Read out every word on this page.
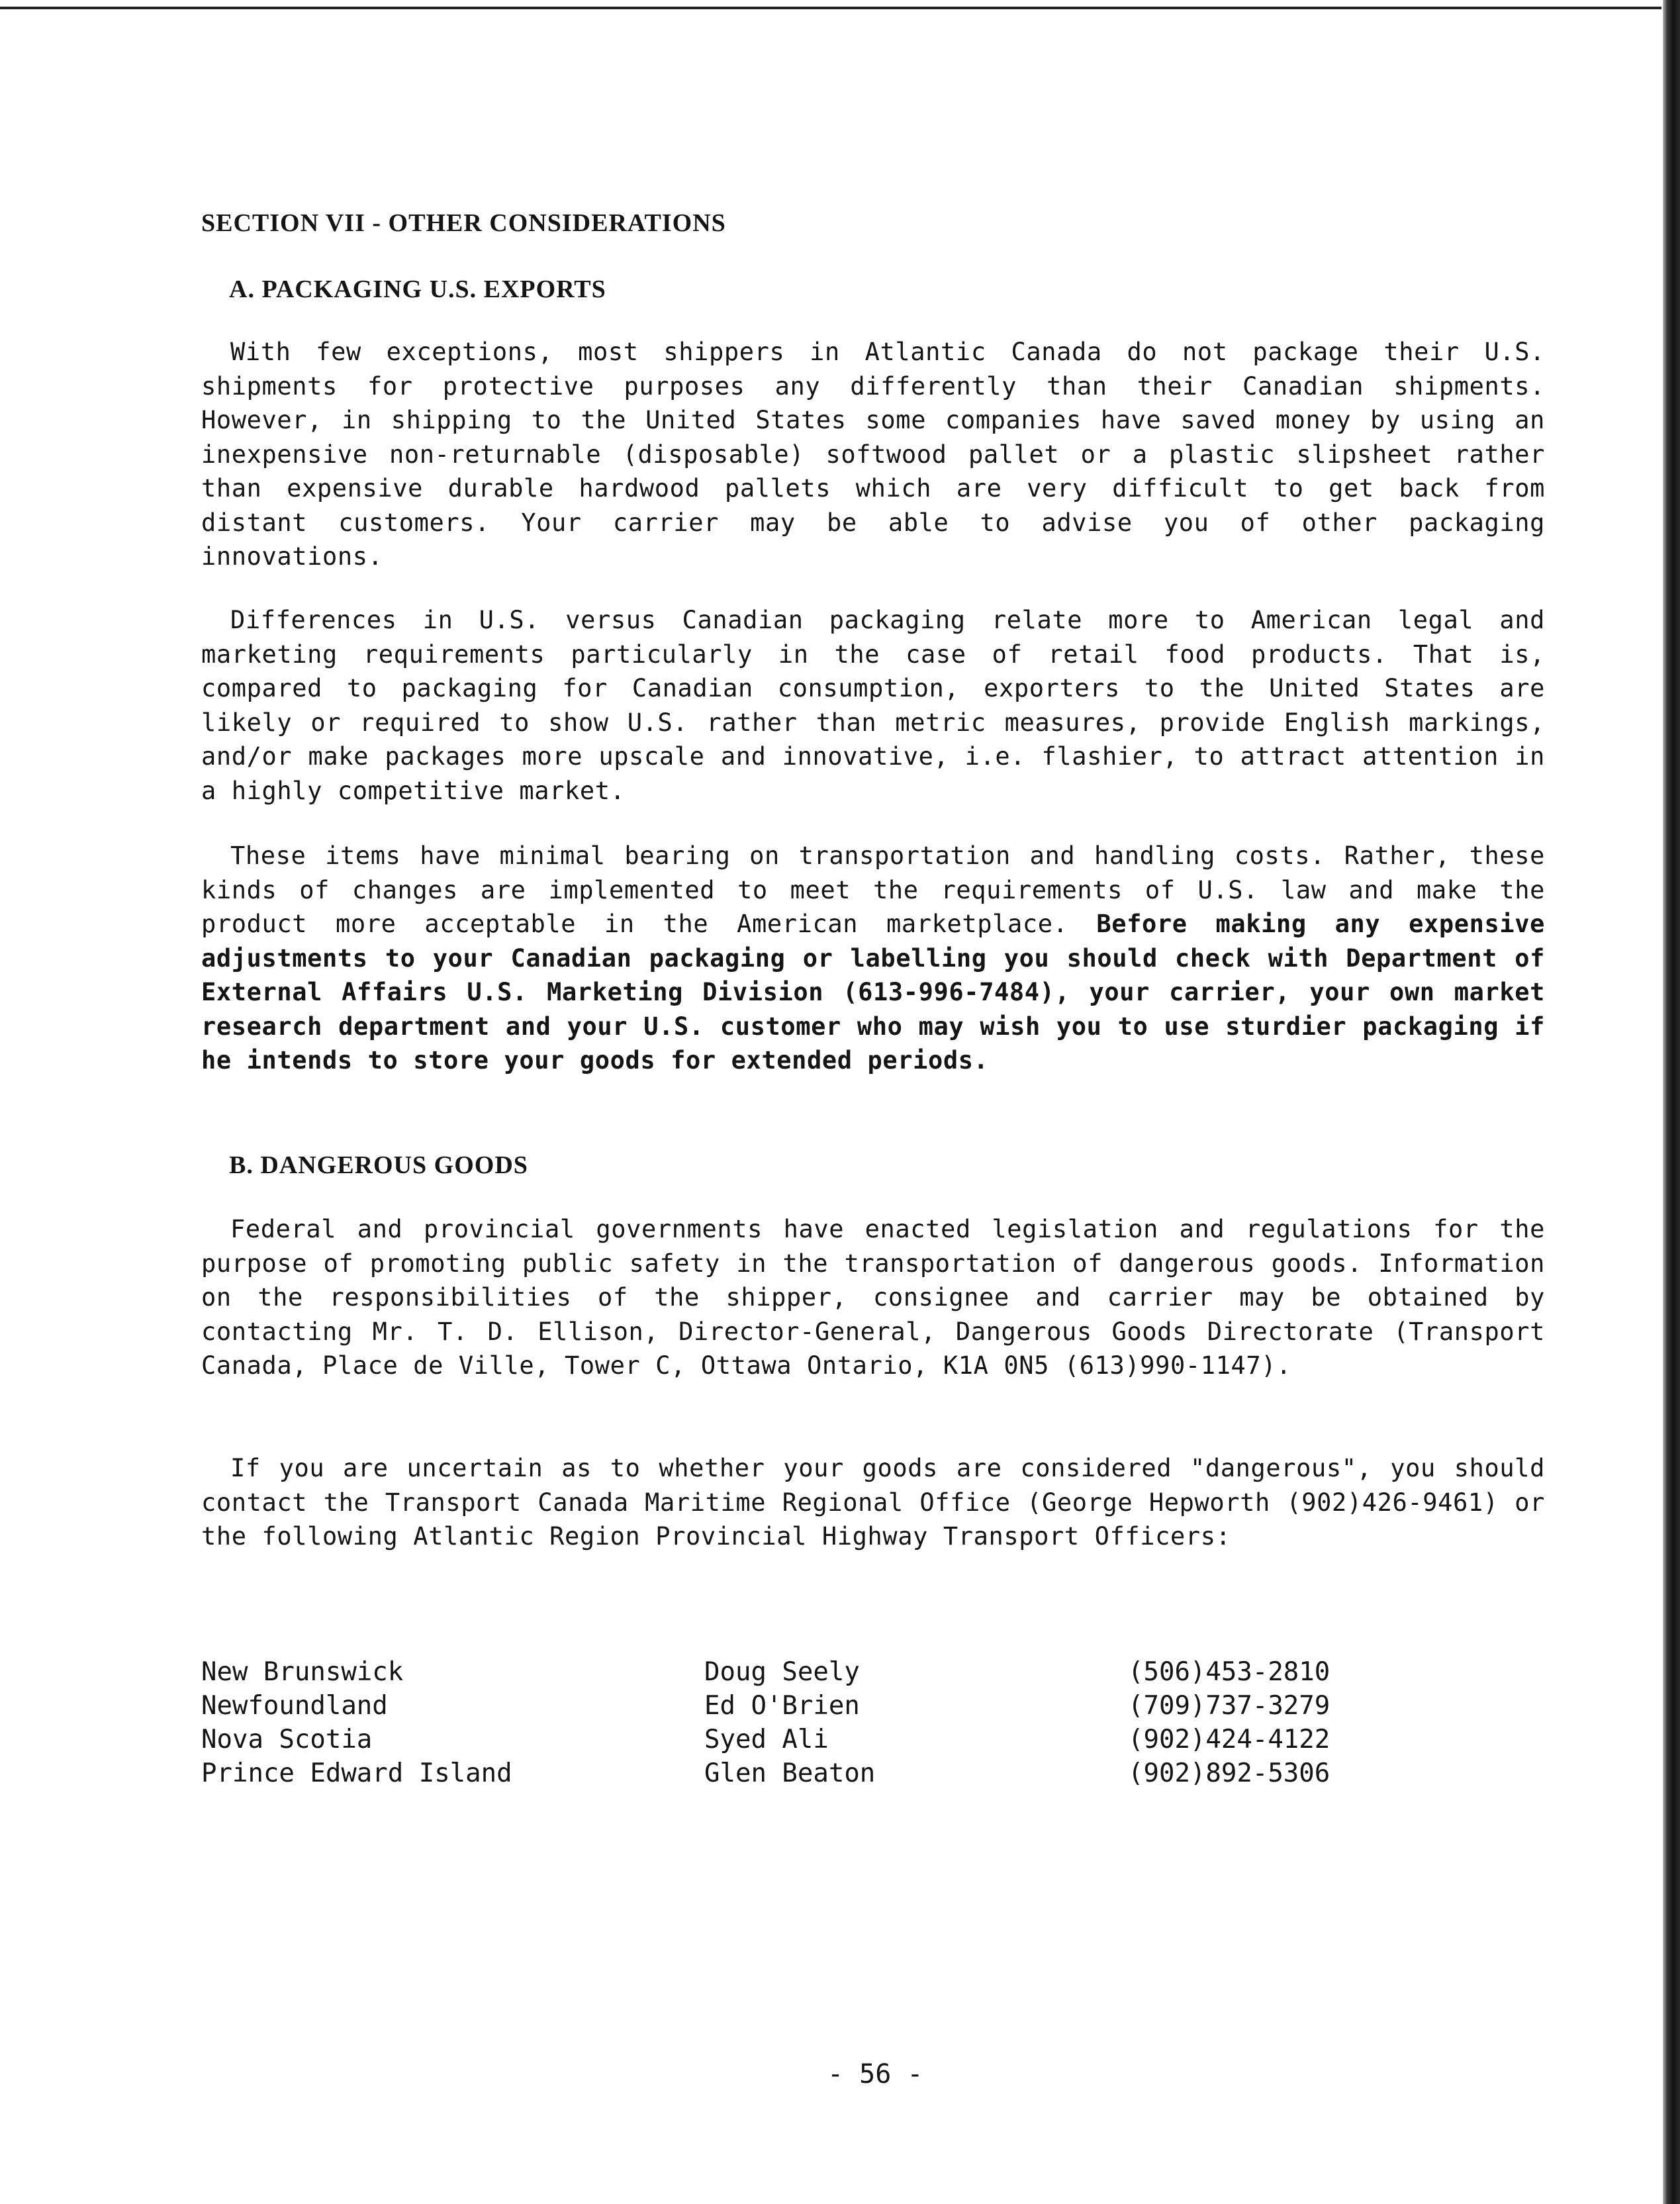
SECTION VII - OTHER CONSIDERATIONS
A. PACKAGING U.S. EXPORTS
With few exceptions, most shippers in Atlantic Canada do not package their U.S. shipments for protective purposes any differently than their Canadian shipments. However, in shipping to the United States some companies have saved money by using an inexpensive non-returnable (disposable) softwood pallet or a plastic slipsheet rather than expensive durable hardwood pallets which are very difficult to get back from distant customers. Your carrier may be able to advise you of other packaging innovations.
Differences in U.S. versus Canadian packaging relate more to American legal and marketing requirements particularly in the case of retail food products. That is, compared to packaging for Canadian consumption, exporters to the United States are likely or required to show U.S. rather than metric measures, provide English markings, and/or make packages more upscale and innovative, i.e. flashier, to attract attention in a highly competitive market.
These items have minimal bearing on transportation and handling costs. Rather, these kinds of changes are implemented to meet the requirements of U.S. law and make the product more acceptable in the American marketplace. Before making any expensive adjustments to your Canadian packaging or labelling you should check with Department of External Affairs U.S. Marketing Division (613-996-7484), your carrier, your own market research department and your U.S. customer who may wish you to use sturdier packaging if he intends to store your goods for extended periods.
B. DANGEROUS GOODS
Federal and provincial governments have enacted legislation and regulations for the purpose of promoting public safety in the transportation of dangerous goods. Information on the responsibilities of the shipper, consignee and carrier may be obtained by contacting Mr. T. D. Ellison, Director-General, Dangerous Goods Directorate (Transport Canada, Place de Ville, Tower C, Ottawa Ontario, K1A 0N5 (613)990-1147).
If you are uncertain as to whether your goods are considered "dangerous", you should contact the Transport Canada Maritime Regional Office (George Hepworth (902)426-9461) or the following Atlantic Region Provincial Highway Transport Officers:
New Brunswick	Doug Seely	(506)453-2810
Newfoundland	Ed O'Brien	(709)737-3279
Nova Scotia	Syed Ali	(902)424-4122
Prince Edward Island	Glen Beaton	(902)892-5306
- 56 -
